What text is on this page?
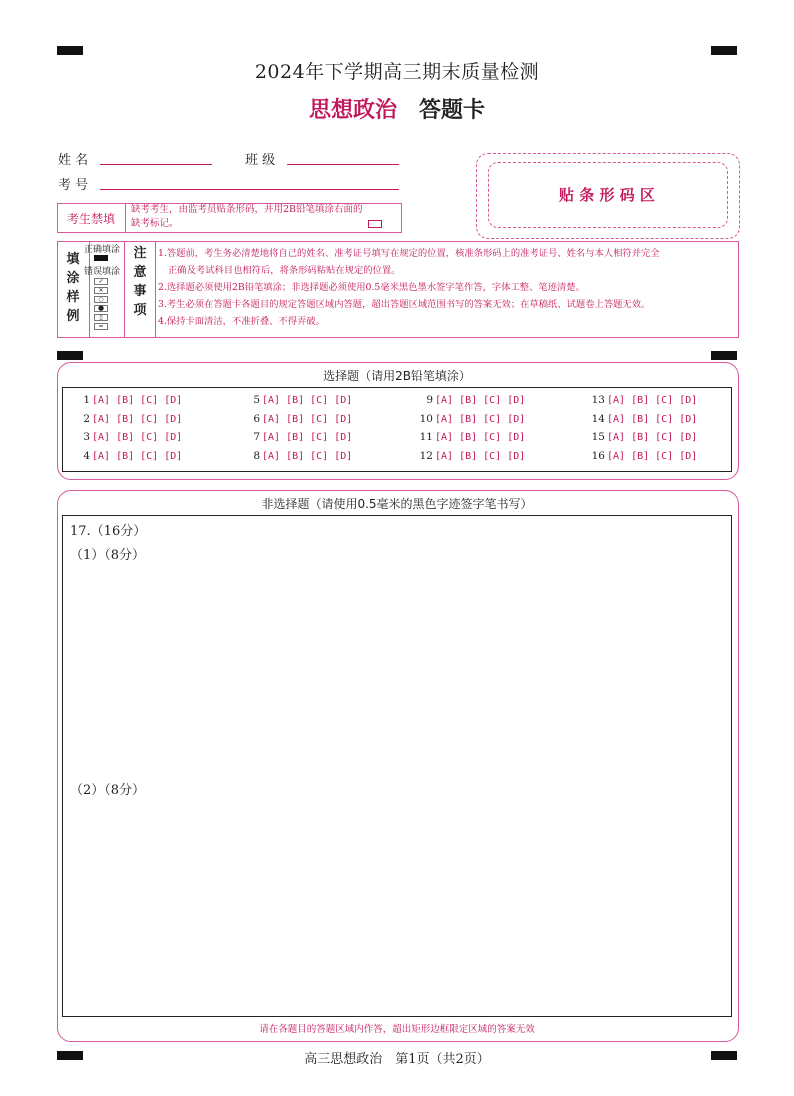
2024年下学期高三期末质量检测
思想政治 答题卡
姓 名	班 级
考 号
考生禁填
缺考考生，由监考员贴条形码，并用2B铅笔填涂右面的缺考标记。
贴 条 形 码 区
填
涂
样
例
正确填涂
错误填涂
✓
✕
○
●
▯
=
注
意
事
项
1.答题前，考生务必清楚地将自己的姓名、准考证号填写在规定的位置，核准条形码上的准考证号、姓名与本人相符并完全
正确及考试科目也相符后，将条形码粘贴在规定的位置。
2.选择题必须使用2B铅笔填涂；非选择题必须使用0.5毫米黑色墨水签字笔作答，字体工整、笔迹清楚。
3.考生必须在答题卡各题目的规定答题区域内答题，超出答题区域范围书写的答案无效；在草稿纸、试题卷上答题无效。
4.保持卡面清洁，不准折叠、不得弄破。
选择题（请用2B铅笔填涂）
1 [A] [B] [C] [D]
2 [A] [B] [C] [D]
3 [A] [B] [C] [D]
4 [A] [B] [C] [D]
5 [A] [B] [C] [D]
6 [A] [B] [C] [D]
7 [A] [B] [C] [D]
8 [A] [B] [C] [D]
9 [A] [B] [C] [D]
10 [A] [B] [C] [D]
11 [A] [B] [C] [D]
12 [A] [B] [C] [D]
13 [A] [B] [C] [D]
14 [A] [B] [C] [D]
15 [A] [B] [C] [D]
16 [A] [B] [C] [D]
非选择题（请使用0.5毫米的黑色字迹签字笔书写）
17.（16分）
（1）（8分）
（2）（8分）
请在各题目的答题区域内作答，超出矩形边框限定区域的答案无效
高三思想政治　第1页（共2页）
